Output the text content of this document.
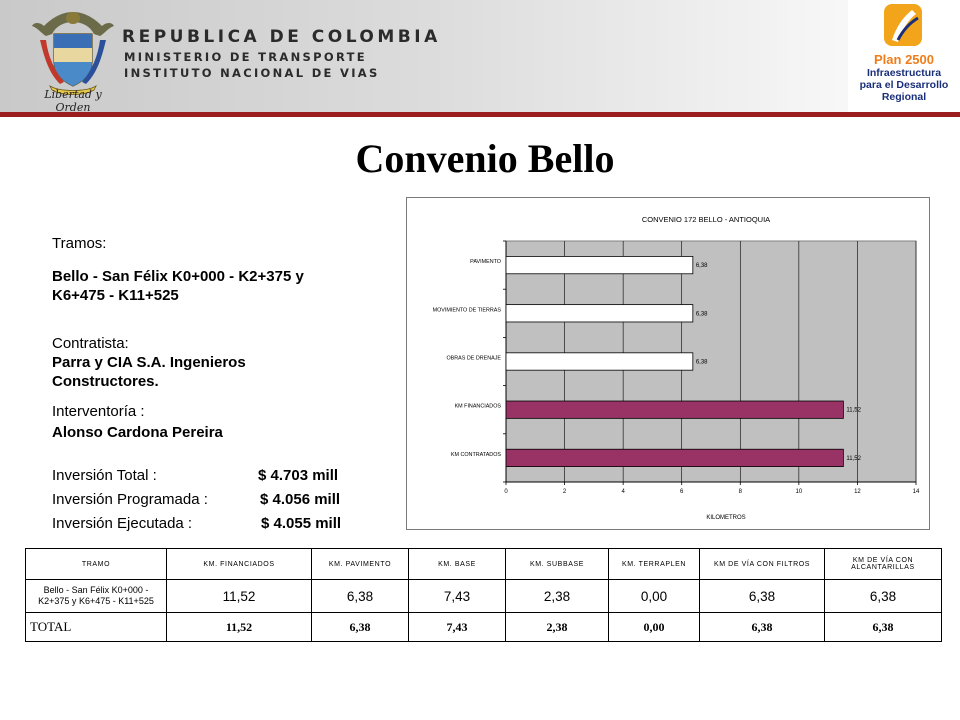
Libertad y Orden
REPUBLICA DE COLOMBIA
MINISTERIO DE TRANSPORTE
INSTITUTO NACIONAL DE VIAS
Plan 2500
Infraestructura
para el Desarrollo
Regional
Convenio Bello
Tramos:
Bello - San Félix K0+000 - K2+375 y
K6+475 - K11+525
Contratista:
Parra y CIA S.A. Ingenieros
Constructores.
Interventoría :
Alonso Cardona Pereira
Inversión Total :	$ 4.703 mill
Inversión Programada :	$ 4.056 mill
Inversión Ejecutada :	$ 4.055 mill
0	2	4	6	8	10	12	14
6,38
PAVIMENTO
6,38
MOVIMIENTO DE TIERRAS
6,38
OBRAS DE DRENAJE
11,52
KM FINANCIADOS
11,52
KM CONTRATADOS
CONVENIO 172 BELLO - ANTIOQUIA
KILOMETROS
TRAMO	KM. FINANCIADOS	KM. PAVIMENTO	KM. BASE	KM. SUBBASE	KM. TERRAPLEN	KM DE VÍA CON FILTROS	KM DE VÍA CON ALCANTARILLAS

Bello - San Félix K0+000 -
K2+375 y K6+475 - K11+525	11,52	6,38	7,43	2,38	0,00	6,38	6,38
TOTAL	11,52	6,38	7,43	2,38	0,00	6,38	6,38
